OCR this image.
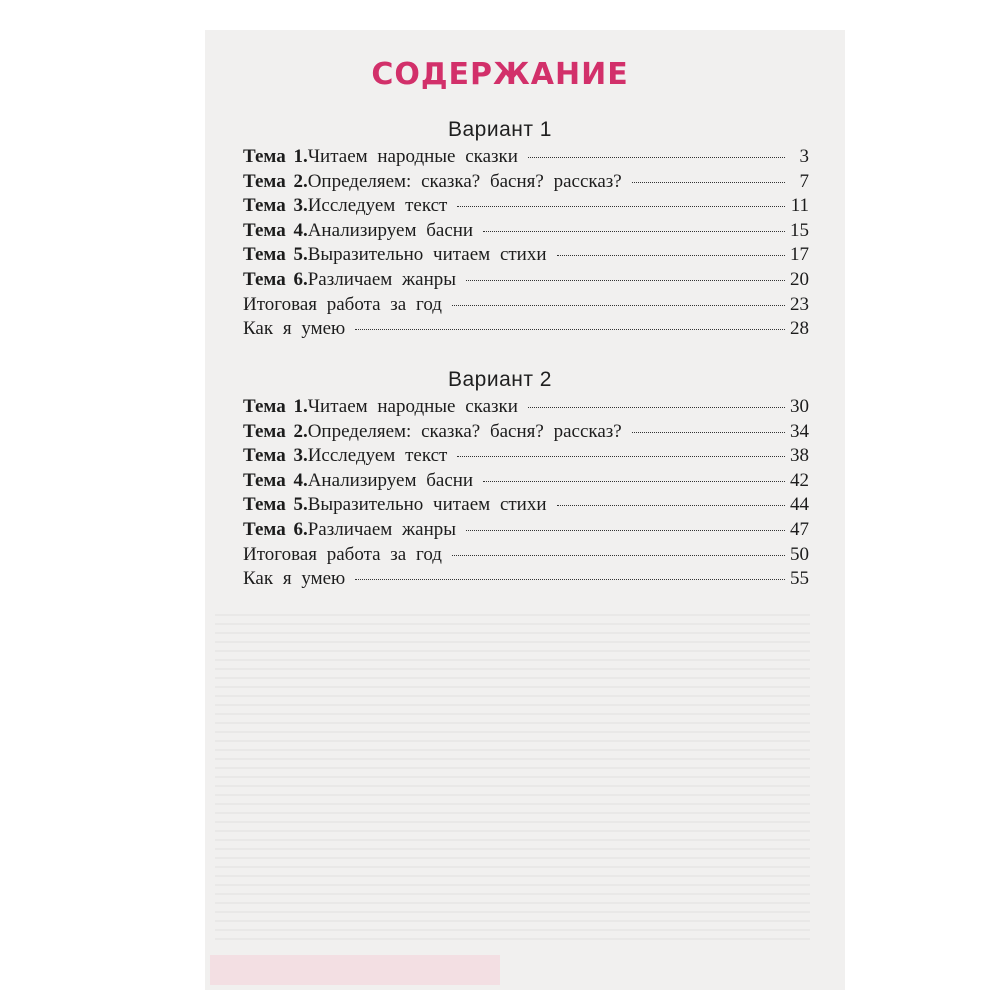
СОДЕРЖАНИЕ
Вариант 1
Тема 1. Читаем народные сказки	3
Тема 2. Определяем: сказка? басня? рассказ?	7
Тема 3. Исследуем текст	11
Тема 4. Анализируем басни	15
Тема 5. Выразительно читаем стихи	17
Тема 6. Различаем жанры	20
Итоговая работа за год	23
Как я умею	28
Вариант 2
Тема 1. Читаем народные сказки	30
Тема 2. Определяем: сказка? басня? рассказ?	34
Тема 3. Исследуем текст	38
Тема 4. Анализируем басни	42
Тема 5. Выразительно читаем стихи	44
Тема 6. Различаем жанры	47
Итоговая работа за год	50
Как я умею	55
